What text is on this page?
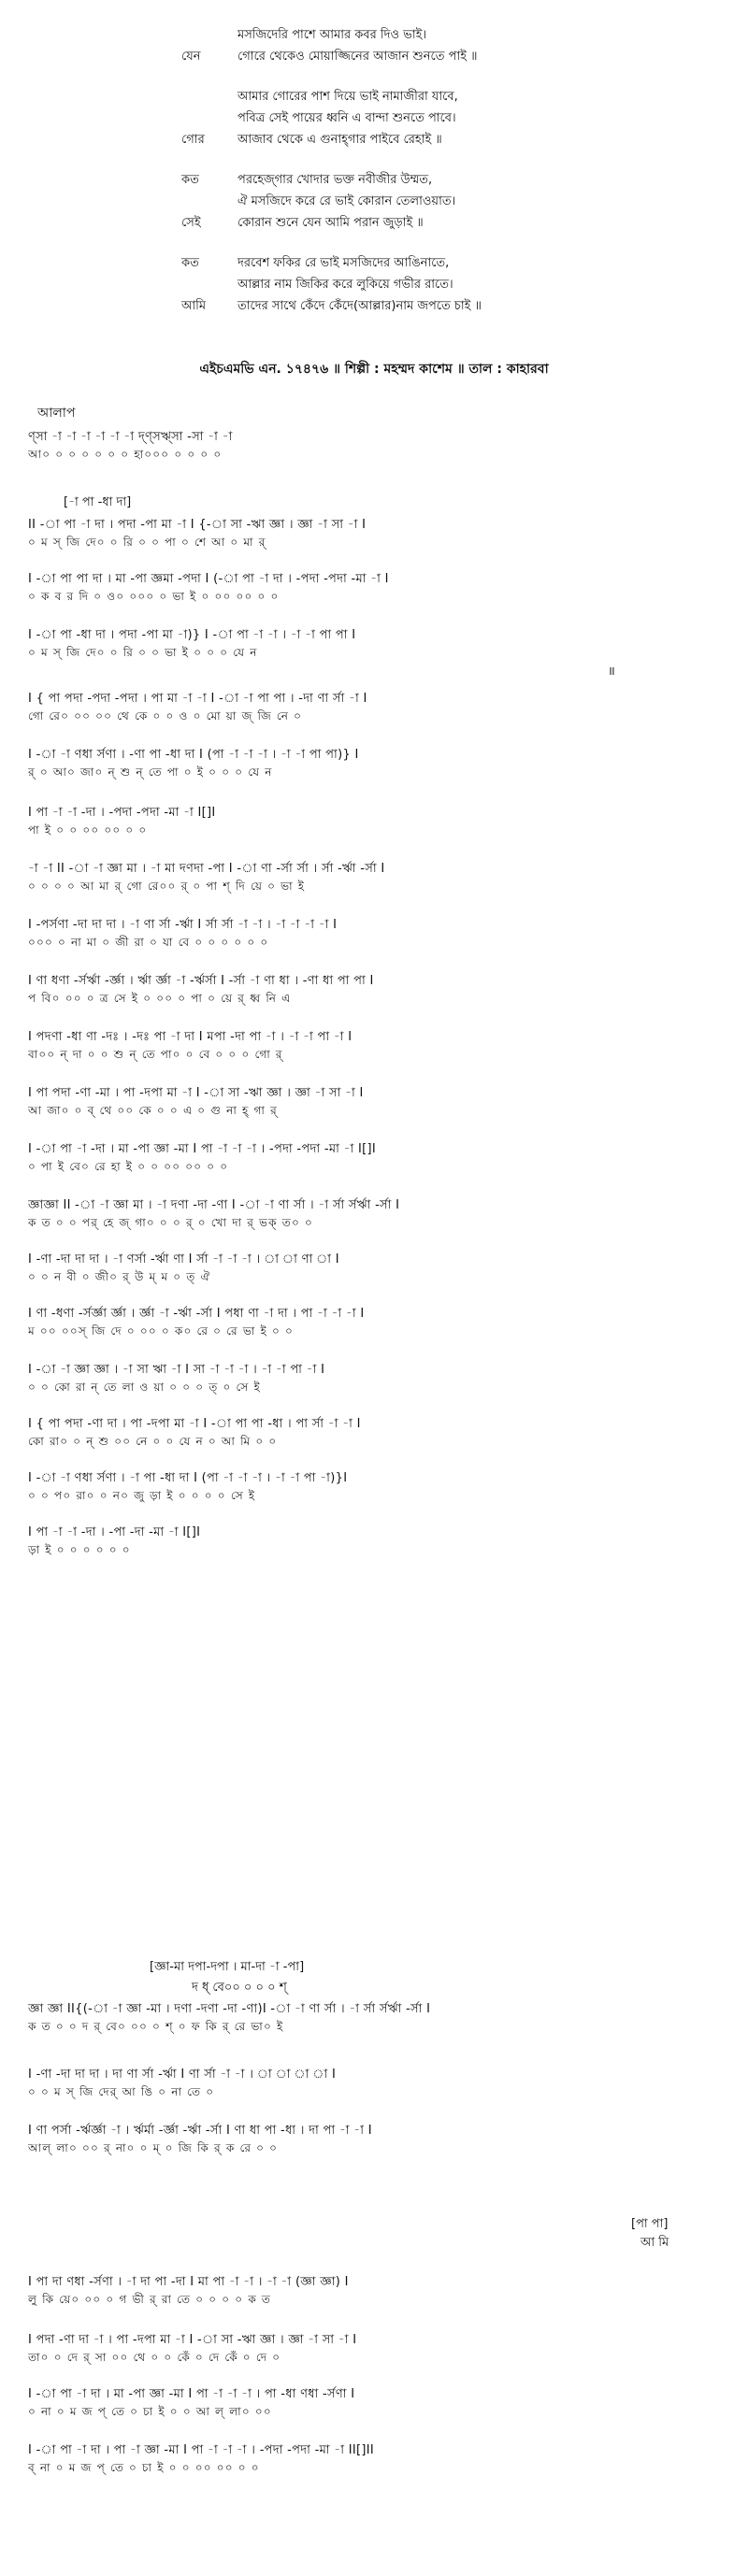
মসজিদেরি পাশে আমার কবর দিও ভাই।
যেন	গোরে থেকেও মোয়াজ্জিনের আজান শুনতে পাই ॥
আমার গোরের পাশ দিয়ে ভাই নামাজীরা যাবে,
পবিত্র সেই পায়ের ধ্বনি এ বান্দা শুনতে পাবে।
গোর	আজাব থেকে এ গুনাহ্‌গার পাইবে রেহাই ॥
কত	পরহেজ্‌গার খোদার ভক্ত নবীজীর উম্মত,
ঐ মসজিদে করে রে ভাই কোরান তেলাওয়াত।
সেই	কোরান শুনে যেন আমি পরান জুড়াই ॥
কত	দরবেশ ফকির রে ভাই মসজিদের আঙিনাতে,
আল্লার নাম জিকির করে লুকিয়ে গভীর রাতে।
আমি	তাদের সাথে কেঁদে কেঁদে(আল্লার)নাম জপতে চাই ॥
এইচএমভি এন. ১৭৪৭৬ ॥ শিল্পী : মহম্মদ কাশেম ॥ তাল : কাহারবা
আলাপ
ণ্সা -া -া -া -া -া -া দ্ণ্সঋ্সা -সা -া -া
আ০ ০ ০ ০ ০ ০ ০ হা০০০ ০ ০ ০ ০
[-া পা -ধা দা]
॥
[জ্ঞা-মা দপা-দপা । মা-দা -া -পা]
দ ধ্ বে০০ ০ ০ ০ শ্
[পা পা]
আ মি
II -া পা -া দা । পদা -পা মা -া I {-া সা -ঋা জ্ঞা । জ্ঞা -া সা -া I
০ ম স্ জি দে০ ০ রি ০ ০ পা ০ শে আ ০ মা র্
I -া পা পা দা । মা -পা জ্ঞমা -পদা I (-া পা -া দা । -পদা -পদা -মা -া I
০ ক ব র দি ০ ও০ ০০০ ০ ভা ই ০ ০০ ০০ ০ ০
I -া পা -ধা দা । পদা -পা মা -া)} I -া পা -া -া । -া -া পা পা I
০ ম স্ জি দে০ ০ রি ০ ০ ভা ই ০ ০ ০ যে ন
I { পা পদা -পদা -পদা । পা মা -া -া I -া -া পা পা । -দা ণা র্সা -া I
গো রে০ ০০ ০০ থে কে ০ ০ ও ০ মো য়া জ্ জি নে ০
I -া -া ণধা র্সণা । -ণা পা -ধা দা I (পা -া -া -া । -া -া পা পা)} I
র্ ০ আ০ জা০ ন্ শু ন্ তে পা ০ ই ০ ০ ০ যে ন
I পা -া -া -দা । -পদা -পদা -মা -া I[]I
পা ই ০ ০ ০০ ০০ ০ ০
-া -া II -া -া জ্ঞা মা । -া মা দণদা -পা I -া ণা -র্সা র্সা । র্সা -র্ঋা -র্সা I
০ ০ ০ ০ আ মা র্ গো রে০০ র্ ০ পা শ্ দি য়ে ০ ভা ই
I -পর্সণা -দা দা দা । -া ণা র্সা -র্ঋা I র্সা র্সা -া -া । -া -া -া -া I
০০০ ০ না মা ০ জী রা ০ যা বে ০ ০ ০ ০ ০ ০
I ণা ধণা -র্সর্ঋা -র্জ্ঞা । র্ঋা র্জ্ঞা -া -র্ঋর্সা I -র্সা -া ণা ধা । -ণা ধা পা পা I
প বি০ ০০ ০ ত্র সে ই ০ ০০ ০ পা ০ য়ে র্ ধ্ব নি এ
I পদণা -ধা ণা -দঃ । -দঃ পা -া দা I মপা -দা পা -া । -া -া পা -া I
বা০০ ন্ দা ০ ০ শু ন্ তে পা০ ০ বে ০ ০ ০ গো র্
I পা পদা -ণা -মা । পা -দপা মা -া I -া সা -ঋা জ্ঞা । জ্ঞা -া সা -া I
আ জা০ ০ ব্ থে ০০ কে ০ ০ এ ০ গু না হ্ গা র্
I -া পা -া -দা । মা -পা জ্ঞা -মা I পা -া -া -া । -পদা -পদা -মা -া I[]I
০ পা ই বে০ রে হা ই ০ ০ ০০ ০০ ০ ০
জ্ঞাজ্ঞা II -া -া জ্ঞা মা । -া দণা -দা -ণা I -া -া ণা র্সা । -া র্সা র্সর্ঋা -র্সা I
ক ত ০ ০ পর্ হে জ্ গা০ ০ ০ র্ ০ খো দা র্ ভক্ ত০ ০
I -ণা -দা দা দা । -া ণর্সা -র্ঋা ণা I র্সা -া -া -া । া া ণা া I
০ ০ ন বী ০ জী০ র্ উ ম্ ম ০ ত্ ঐ
I ণা -ধণা -র্সর্জ্ঞা র্জ্ঞা । র্জ্ঞা -া -র্ঋা -র্সা I পধা ণা -া দা । পা -া -া -া I
ম ০০ ০০স্ জি দে ০ ০০ ০ ক০ রে ০ রে ভা ই ০ ০
I -া -া জ্ঞা জ্ঞা । -া সা ঋা -া I সা -া -া -া । -া -া পা -া I
০ ০ কো রা ন্ তে লা ও য়া ০ ০ ০ ত্ ০ সে ই
I { পা পদা -ণা দা । পা -দপা মা -া I -া পা পা -ধা । পা র্সা -া -া I
কো রা০ ০ ন্ শু ০০ নে ০ ০ যে ন ০ আ মি ০ ০
I -া -া ণধা র্সণা । -া পা -ধা দা I (পা -া -া -া । -া -া পা -া)}I
০ ০ প০ রা০ ০ ন০ জু ড়া ই ০ ০ ০ ০ সে ই
I পা -া -া -দা । -পা -দা -মা -া I[]I
ড়া ই ০ ০ ০ ০ ০ ০
জ্ঞা জ্ঞা II{(-া -া জ্ঞা -মা । দণা -দণা -দা -ণা)I -া -া ণা র্সা । -া র্সা র্সর্ঋা -র্সা I
ক ত ০ ০ দ র্ বে০ ০০ ০ শ্ ০ ফ কি র্ রে ভা০ ই
I -ণা -দা দা দা । দা ণা র্সা -র্ঋা I ণা র্সা -া -া । া া া া I
০ ০ ম স্ জি দের্ আ ঙি ০ না তে ০
I ণা পর্সা -র্ঋর্জ্ঞা -া । র্ঋর্মা -র্জ্ঞা -র্ঋা -র্সা I ণা ধা পা -ধা । দা পা -া -া I
আল্ লা০ ০০ র্ না০ ০ ম্ ০ জি কি র্ ক রে ০ ০
I পা দা ণধা -র্সণা । -া দা পা -দা I মা পা -া -া । -া -া (জ্ঞা জ্ঞা) I
লু কি য়ে০ ০০ ০ গ ভী র্ রা তে ০ ০ ০ ০ ক ত
I পদা -ণা দা -া । পা -দপা মা -া I -া সা -ঋা জ্ঞা । জ্ঞা -া সা -া I
তা০ ০ দে র্ সা ০০ থে ০ ০ কেঁ ০ দে কেঁ ০ দে ০
I -া পা -া দা । মা -পা জ্ঞা -মা I পা -া -া -া । পা -ধা ণধা -র্সণা I
০ না ০ ম জ প্ তে ০ চা ই ০ ০ আ ল্ লা০ ০০
I -া পা -া দা । পা -া জ্ঞা -মা I পা -া -া -া । -পদা -পদা -মা -া II[]II
ব্ না ০ ম জ প্ তে ০ চা ই ০ ০ ০০ ০০ ০ ০
